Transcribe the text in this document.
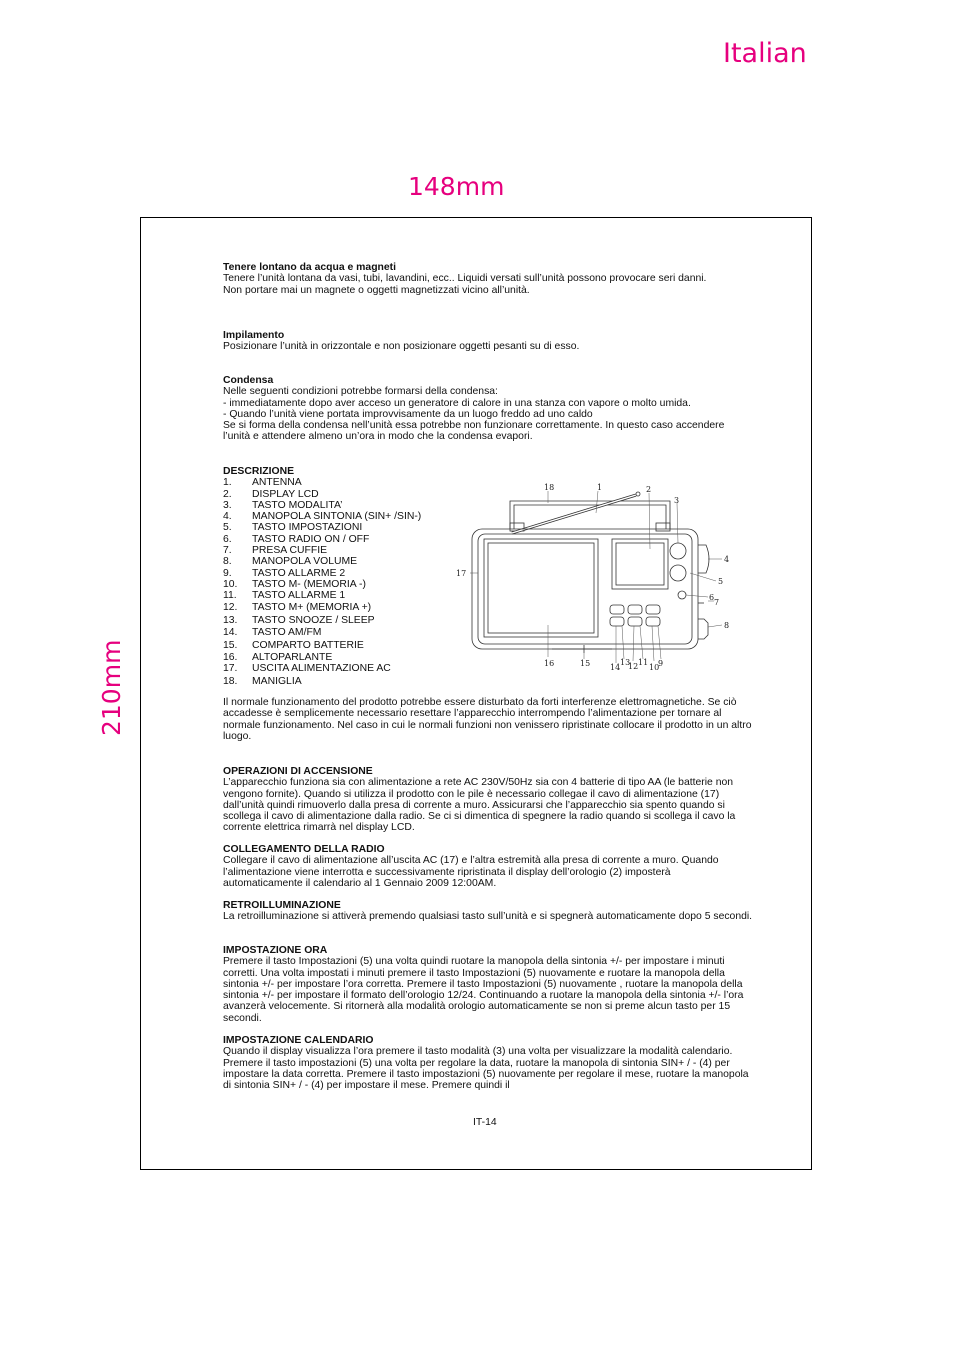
Italian
148mm
210mm

Tenere lontano da acqua e magneti

Tenere l’unità lontana da vasi, tubi, lavandini, ecc.. Liquidi versati sull’unità possono provocare seri danni.

Non portare mai un magnete o oggetti magnetizzati vicino all’unità.

Impilamento

Posizionare l’unità in orizzontale e non posizionare oggetti pesanti su di esso.

Condensa

Nelle seguenti condizioni potrebbe formarsi della condensa:

- immediatamente dopo aver acceso un generatore di calore in una stanza con vapore o molto umida.

- Quando l’unità viene portata improvvisamente da un luogo freddo ad uno caldo

Se si forma della condensa nell’unità essa potrebbe non funzionare correttamente. In questo caso accendere l’unità e attendere almeno un’ora in modo che la condensa evapori.

DESCRIZIONE

1.	ANTENNA
2.	DISPLAY LCD
3.	TASTO MODALITA’
4.	MANOPOLA SINTONIA (SIN+ /SIN-)
5.	TASTO IMPOSTAZIONI
6.	TASTO RADIO ON / OFF
7.	PRESA CUFFIE
8.	MANOPOLA VOLUME
9.	TASTO ALLARME 2
10.	TASTO M- (MEMORIA -)
11.	TASTO ALLARME 1
12.	TASTO M+ (MEMORIA +)
13.	TASTO SNOOZE / SLEEP
14.	TASTO AM/FM
15.	COMPARTO BATTERIE
16.	ALTOPARLANTE
17.	USCITA ALIMENTAZIONE AC
18.	MANIGLIA
18	1	2
3
4
5
6
7
8
17
16	15 14
13
12 11
10
9

Il normale funzionamento del prodotto potrebbe essere disturbato da forti interferenze elettromagnetiche. Se ciò accadesse è semplicemente necessario resettare l’apparecchio interrompendo l’alimentazione per tornare al normale funzionamento. Nel caso in cui le normali funzioni non venissero ripristinate collocare il prodotto in un altro luogo.

OPERAZIONI DI ACCENSIONE

L’apparecchio funziona sia con alimentazione a rete AC 230V/50Hz sia con 4 batterie di tipo AA (le batterie non vengono fornite). Quando si utilizza il prodotto con le pile è necessario collegae il cavo di alimentazione (17) dall’unità quindi rimuoverlo dalla presa di corrente a muro. Assicurarsi che l’apparecchio sia spento quando si scollega il cavo di alimentazione dalla radio. Se ci si dimentica di spegnere la radio quando si scollega il cavo la corrente elettrica rimarrà nel display LCD.

COLLEGAMENTO DELLA RADIO

Collegare il cavo di alimentazione all’uscita AC (17) e l’altra estremità alla presa di corrente a muro. Quando l’alimentazione viene interrotta e successivamente ripristinata il display dell’orologio (2) imposterà automaticamente il calendario al 1 Gennaio 2009 12:00AM.

RETROILLUMINAZIONE

La retroilluminazione si attiverà premendo qualsiasi tasto sull’unità e si spegnerà automaticamente dopo 5 secondi.

IMPOSTAZIONE ORA

Premere il tasto Impostazioni (5) una volta quindi ruotare la manopola della sintonia +/- per impostare i minuti corretti. Una volta impostati i minuti premere il tasto Impostazioni (5) nuovamente e ruotare la manopola della sintonia +/- per impostare l’ora corretta. Premere il tasto Impostazioni (5) nuovamente , ruotare la manopola della sintonia +/- per impostare il formato dell’orologio 12/24. Continuando a ruotare la manopola della sintonia +/- l’ora avanzerà velocemente. Si ritornerà alla modalità orologio automaticamente se non si preme alcun tasto per 15 secondi.

IMPOSTAZIONE CALENDARIO

Quando il display visualizza l’ora premere il tasto modalità (3) una volta per visualizzare la modalità calendario. Premere il tasto impostazioni (5) una volta per regolare la data, ruotare la manopola di sintonia SIN+ / - (4) per impostare la data corretta. Premere il tasto impostazioni (5) nuovamente per regolare il mese, ruotare la manopola di sintonia SIN+ / - (4) per impostare il mese. Premere quindi il

IT-14
